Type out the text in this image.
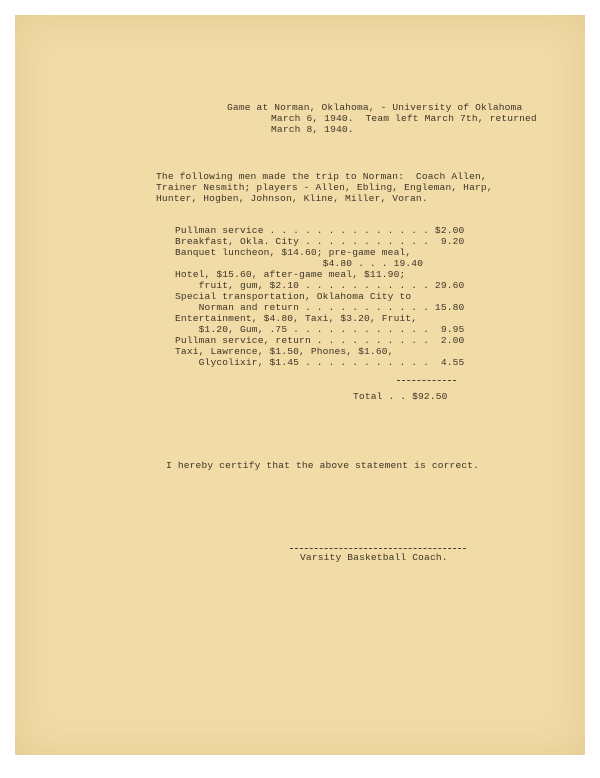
Game at Norman, Oklahoma, - University of Oklahoma
March 6, 1940.  Team left March 7th, returned
March 8, 1940.
The following men made the trip to Norman:  Coach Allen,
Trainer Nesmith; players - Allen, Ebling, Engleman, Harp,
Hunter, Hogben, Johnson, Kline, Miller, Voran.
Pullman service . . . . . . . . . . . . . . $2.00
Breakfast, Okla. City . . . . . . . . . . .  9.20
Banquet luncheon, $14.60; pre-game meal,
$4.80 . . . 19.40
Hotel, $15.60, after-game meal, $11.90;
fruit, gum, $2.10 . . . . . . . . . . . 29.60
Special transportation, Oklahoma City to
Norman and return . . . . . . . . . . . 15.80
Entertainment, $4.80, Taxi, $3.20, Fruit,
$1.20, Gum, .75 . . . . . . . . . . . .  9.95
Pullman service, return . . . . . . . . . .  2.00
Taxi, Lawrence, $1.50, Phones, $1.60,
Glycolixir, $1.45 . . . . . . . . . . .  4.55
Total . . $92.50
I hereby certify that the above statement is correct.
Varsity Basketball Coach.
